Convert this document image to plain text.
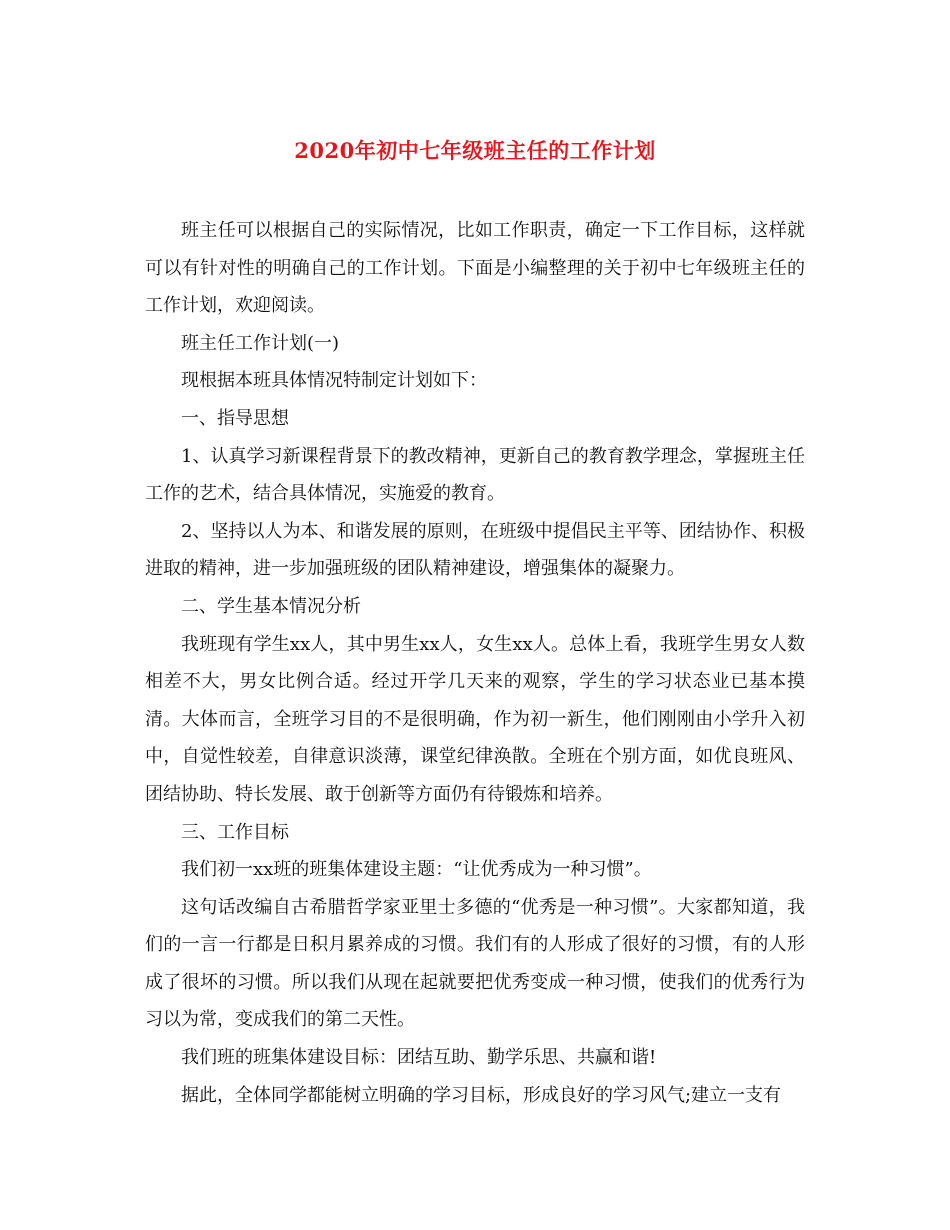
2020年初中七年级班主任的工作计划

班主任可以根据自己的实际情况，比如工作职责，确定一下工作目标，这样就可以有针对性的明确自己的工作计划。下面是小编整理的关于初中七年级班主任的工作计划，欢迎阅读。

班主任工作计划(一)

现根据本班具体情况特制定计划如下：

一、指导思想

1、认真学习新课程背景下的教改精神，更新自己的教育教学理念，掌握班主任工作的艺术，结合具体情况，实施爱的教育。

2、坚持以人为本、和谐发展的原则，在班级中提倡民主平等、团结协作、积极进取的精神，进一步加强班级的团队精神建设，增强集体的凝聚力。

二、学生基本情况分析

我班现有学生xx人，其中男生xx人，女生xx人。总体上看，我班学生男女人数相差不大，男女比例合适。经过开学几天来的观察，学生的学习状态业已基本摸清。大体而言，全班学习目的不是很明确，作为初一新生，他们刚刚由小学升入初中，自觉性较差，自律意识淡薄，课堂纪律涣散。全班在个别方面，如优良班风、团结协助、特长发展、敢于创新等方面仍有待锻炼和培养。

三、工作目标

我们初一xx班的班集体建设主题：“让优秀成为一种习惯”。

这句话改编自古希腊哲学家亚里士多德的“优秀是一种习惯”。大家都知道，我们的一言一行都是日积月累养成的习惯。我们有的人形成了很好的习惯，有的人形成了很坏的习惯。所以我们从现在起就要把优秀变成一种习惯，使我们的优秀行为习以为常，变成我们的第二天性。

我们班的班集体建设目标：团结互助、勤学乐思、共赢和谐!

据此，全体同学都能树立明确的学习目标，形成良好的学习风气;建立一支有
